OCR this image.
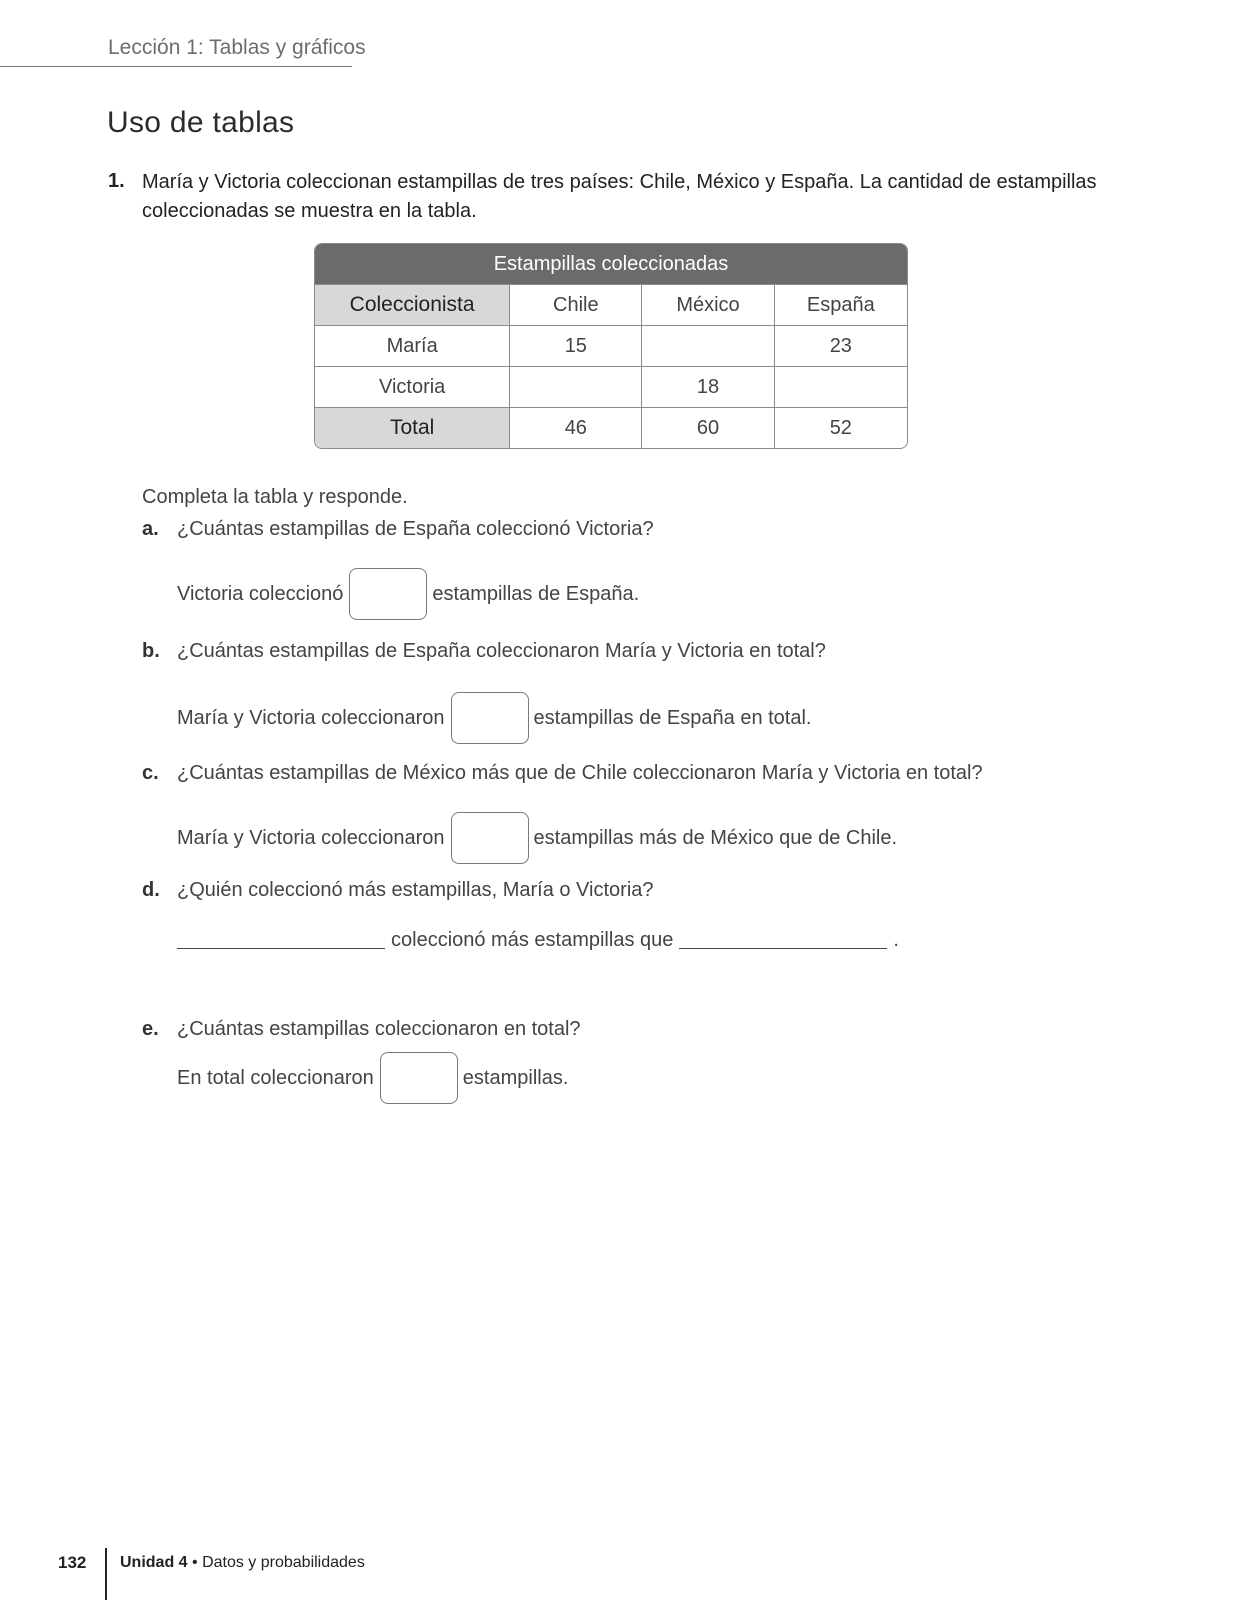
Lección 1: Tablas y gráficos
Uso de tablas
1. María y Victoria coleccionan estampillas de tres países: Chile, México y España. La cantidad de estampillas coleccionadas se muestra en la tabla.
Estampillas coleccionadas			
Coleccionista	Chile	México	España
María	15		23
Victoria		18	
Total	46	60	52
Completa la tabla y responde.
a. ¿Cuántas estampillas de España coleccionó Victoria?
Victoria coleccionó	estampillas de España.
b. ¿Cuántas estampillas de España coleccionaron María y Victoria en total?
María y Victoria coleccionaron	estampillas de España en total.
c. ¿Cuántas estampillas de México más que de Chile coleccionaron María y Victoria en total?
María y Victoria coleccionaron	estampillas más de México que de Chile.
d. ¿Quién coleccionó más estampillas, María o Victoria?
coleccionó más estampillas que	.
e. ¿Cuántas estampillas coleccionaron en total?
En total coleccionaron	estampillas.
132 Unidad 4 • Datos y probabilidades
